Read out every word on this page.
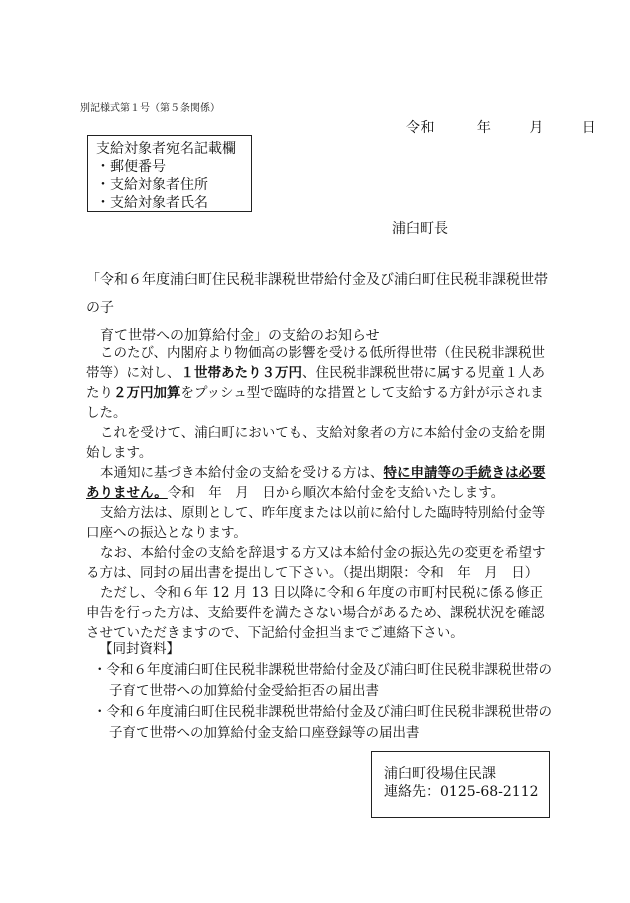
別記様式第１号（第５条関係）
令和	年	月	日
支給対象者宛名記載欄
・郵便番号
・支給対象者住所
・支給対象者氏名
浦臼町長
「令和６年度浦臼町住民税非課税世帯給付金及び浦臼町住民税非課税世帯の子
育て世帯への加算給付金」の支給のお知らせ

このたび、内閣府より物価高の影響を受ける低所得世帯（住民税非課税世帯等）に対し、１世帯あたり３万円、住民税非課税世帯に属する児童１人あたり２万円加算をプッシュ型で臨時的な措置として支給する方針が示されました。

これを受けて、浦臼町においても、支給対象者の方に本給付金の支給を開始します。

本通知に基づき本給付金の支給を受ける方は、特に申請等の手続きは必要ありません。令和　年　月　日から順次本給付金を支給いたします。

支給方法は、原則として、昨年度または以前に給付した臨時特別給付金等口座への振込となります。

なお、本給付金の支給を辞退する方又は本給付金の振込先の変更を希望する方は、同封の届出書を提出して下さい。（提出期限：令和　年　月　日）

ただし、令和６年 12 月 13 日以降に令和６年度の市町村民税に係る修正申告を行った方は、支給要件を満たさない場合があるため、課税状況を確認させていただきますので、下記給付金担当までご連絡下さい。

【同封資料】
・令和６年度浦臼町住民税非課税世帯給付金及び浦臼町住民税非課税世帯の
子育て世帯への加算給付金受給拒否の届出書
・令和６年度浦臼町住民税非課税世帯給付金及び浦臼町住民税非課税世帯の
子育て世帯への加算給付金支給口座登録等の届出書
浦臼町役場住民課
連絡先：0125-68-2112
